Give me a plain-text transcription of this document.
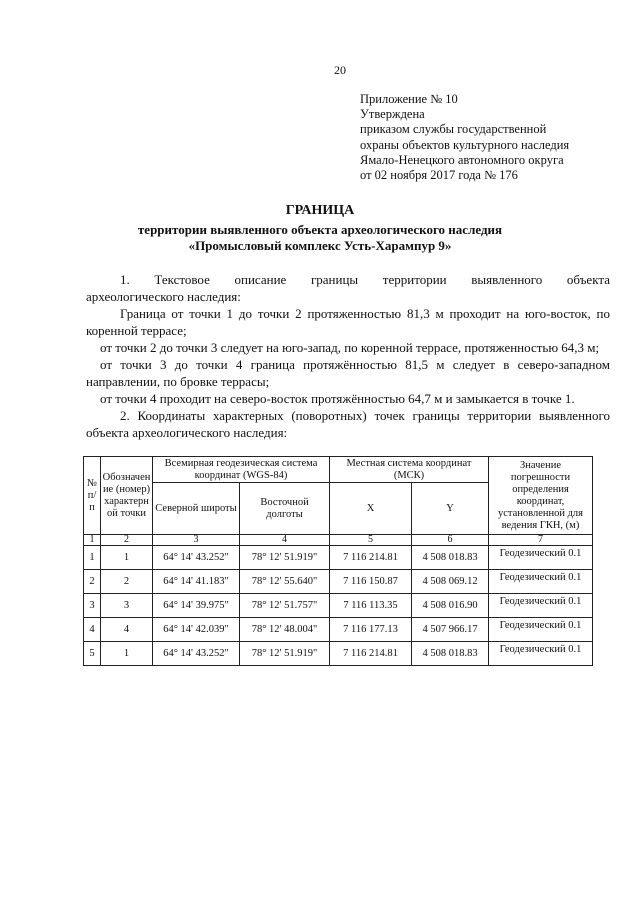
20
Приложение № 10
Утверждена
приказом службы государственной
охраны объектов культурного наследия
Ямало-Ненецкого автономного округа
от 02 ноября 2017 года № 176
ГРАНИЦА
территории выявленного объекта археологического наследия
«Промысловый комплекс Усть-Харампур 9»
1. Текстовое описание границы территории выявленного объекта

археологического наследия:

Граница от точки 1 до точки 2 протяженностью 81,3 м проходит на юго-восток, по коренной террасе;

от точки 2 до точки 3 следует на юго-запад, по коренной террасе, протяженностью 64,3 м;

от точки 3 до точки 4 граница протяжённостью 81,5 м следует в северо-западном направлении, по бровке террасы;

от точки 4 проходит на северо-восток протяжённостью 64,7 м и замыкается в точке 1.

2. Координаты характерных (поворотных) точек границы территории выявленного объекта археологического наследия:

№ п/п	Обозначение (номер) характерной точки	Всемирная геодезическая система координат (WGS-84)		Местная система координат (МСК)		Значение погрешности определения координат, установленной для ведения ГКН, (м)
		Северной широты	Восточной долготы	X	Y	
1	2	3	4	5	6	7
1	1	64° 14' 43.252"	78° 12' 51.919"	7 116 214.81	4 508 018.83	Геодезический 0.1
2	2	64° 14' 41.183"	78° 12' 55.640"	7 116 150.87	4 508 069.12	Геодезический 0.1
3	3	64° 14' 39.975"	78° 12' 51.757"	7 116 113.35	4 508 016.90	Геодезический 0.1
4	4	64° 14' 42.039"	78° 12' 48.004"	7 116 177.13	4 507 966.17	Геодезический 0.1
5	1	64° 14' 43.252"	78° 12' 51.919"	7 116 214.81	4 508 018.83	Геодезический 0.1
